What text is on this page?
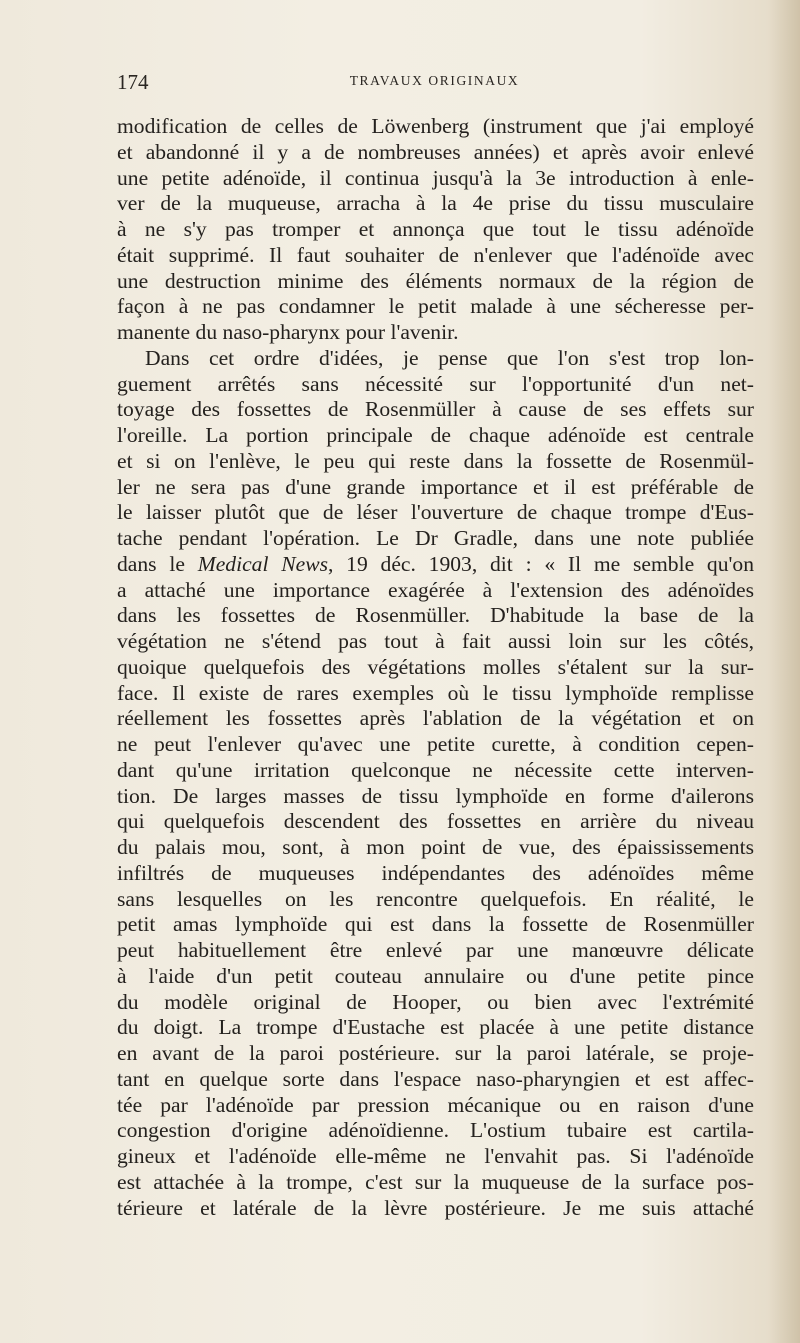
174	TRAVAUX ORIGINAUX
modification de celles de Löwenberg (instrument que j'ai employé
et abandonné il y a de nombreuses années) et après avoir enlevé
une petite adénoïde, il continua jusqu'à la 3e introduction à enle-
ver de la muqueuse, arracha à la 4e prise du tissu musculaire
à ne s'y pas tromper et annonça que tout le tissu adénoïde
était supprimé. Il faut souhaiter de n'enlever que l'adénoïde avec
une destruction minime des éléments normaux de la région de
façon à ne pas condamner le petit malade à une sécheresse per-
manente du naso-pharynx pour l'avenir.
Dans cet ordre d'idées, je pense que l'on s'est trop lon-
guement arrêtés sans nécessité sur l'opportunité d'un net-
toyage des fossettes de Rosenmüller à cause de ses effets sur
l'oreille. La portion principale de chaque adénoïde est centrale
et si on l'enlève, le peu qui reste dans la fossette de Rosenmül-
ler ne sera pas d'une grande importance et il est préférable de
le laisser plutôt que de léser l'ouverture de chaque trompe d'Eus-
tache pendant l'opération. Le Dr Gradle, dans une note publiée
dans le Medical News, 19 déc. 1903, dit : « Il me semble qu'on
a attaché une importance exagérée à l'extension des adénoïdes
dans les fossettes de Rosenmüller. D'habitude la base de la
végétation ne s'étend pas tout à fait aussi loin sur les côtés,
quoique quelquefois des végétations molles s'étalent sur la sur-
face. Il existe de rares exemples où le tissu lymphoïde remplisse
réellement les fossettes après l'ablation de la végétation et on
ne peut l'enlever qu'avec une petite curette, à condition cepen-
dant qu'une irritation quelconque ne nécessite cette interven-
tion. De larges masses de tissu lymphoïde en forme d'ailerons
qui quelquefois descendent des fossettes en arrière du niveau
du palais mou, sont, à mon point de vue, des épaississements
infiltrés de muqueuses indépendantes des adénoïdes même
sans lesquelles on les rencontre quelquefois. En réalité, le
petit amas lymphoïde qui est dans la fossette de Rosenmüller
peut habituellement être enlevé par une manœuvre délicate
à l'aide d'un petit couteau annulaire ou d'une petite pince
du modèle original de Hooper, ou bien avec l'extrémité
du doigt. La trompe d'Eustache est placée à une petite distance
en avant de la paroi postérieure. sur la paroi latérale, se proje-
tant en quelque sorte dans l'espace naso-pharyngien et est affec-
tée par l'adénoïde par pression mécanique ou en raison d'une
congestion d'origine adénoïdienne. L'ostium tubaire est cartila-
gineux et l'adénoïde elle-même ne l'envahit pas. Si l'adénoïde
est attachée à la trompe, c'est sur la muqueuse de la surface pos-
térieure et latérale de la lèvre postérieure. Je me suis attaché
